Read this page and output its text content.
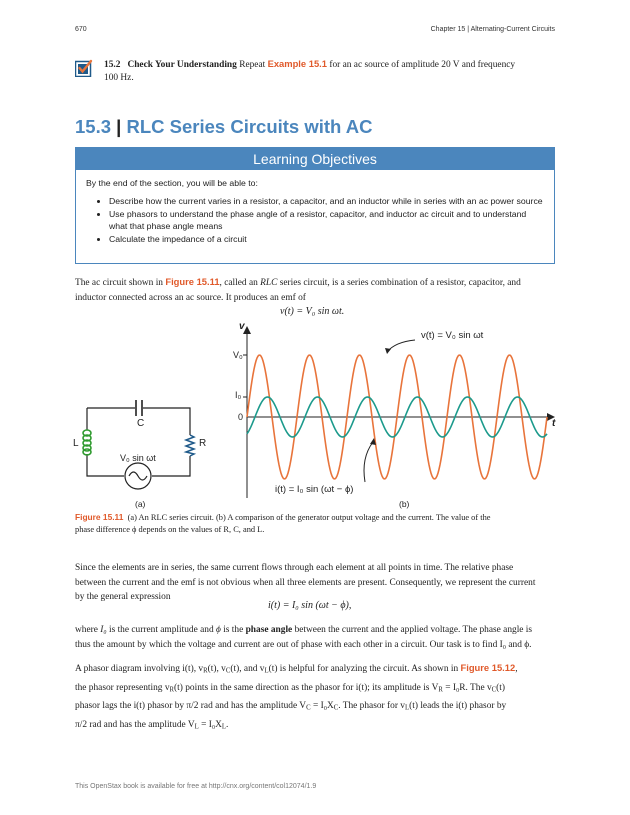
670	Chapter 15 | Alternating-Current Circuits
15.2 Check Your Understanding Repeat Example 15.1 for an ac source of amplitude 20 V and frequency
100 Hz.
15.3 | RLC Series Circuits with AC
Learning Objectives
By the end of the section, you will be able to:
• Describe how the current varies in a resistor, a capacitor, and an inductor while in series with an ac power source
• Use phasors to understand the phase angle of a resistor, capacitor, and inductor ac circuit and to understand what that phase angle means
• Calculate the impedance of a circuit
The ac circuit shown in Figure 15.11, called an RLC series circuit, is a series combination of a resistor, capacitor, and
inductor connected across an ac source. It produces an emf of
v(t) = V₀ sin ωt.
C
L	R
V₀ sin ωt
(a)
v
t
V₀
I₀
0
v(t) = V₀ sin ωt
i(t) = I₀ sin (ωt − ϕ)
(b)
Figure 15.11 (a) An RLC series circuit. (b) A comparison of the generator output voltage and the current. The value of the
phase difference ϕ depends on the values of R, C, and L.
Since the elements are in series, the same current flows through each element at all points in time. The relative phase
between the current and the emf is not obvious when all three elements are present. Consequently, we represent the current
by the general expression
i(t) = I₀ sin (ωt − ϕ),
where I₀ is the current amplitude and ϕ is the phase angle between the current and the applied voltage. The phase angle is
thus the amount by which the voltage and current are out of phase with each other in a circuit. Our task is to find I₀ and ϕ.
A phasor diagram involving i(t), $v_R(t)$, $v_C(t)$, and $v_L(t)$ is helpful for analyzing the circuit. As shown in Figure 15.12,
the phasor representing $v_R(t)$ points in the same direction as the phasor for i(t); its amplitude is $V_R = I_0R$. The $v_C(t)$
phasor lags the i(t) phasor by π/2 rad and has the amplitude $V_C = I_0X_C$. The phasor for $v_L(t)$ leads the i(t) phasor by
π/2 rad and has the amplitude $V_L = I_0X_L$.
This OpenStax book is available for free at http://cnx.org/content/col12074/1.9
